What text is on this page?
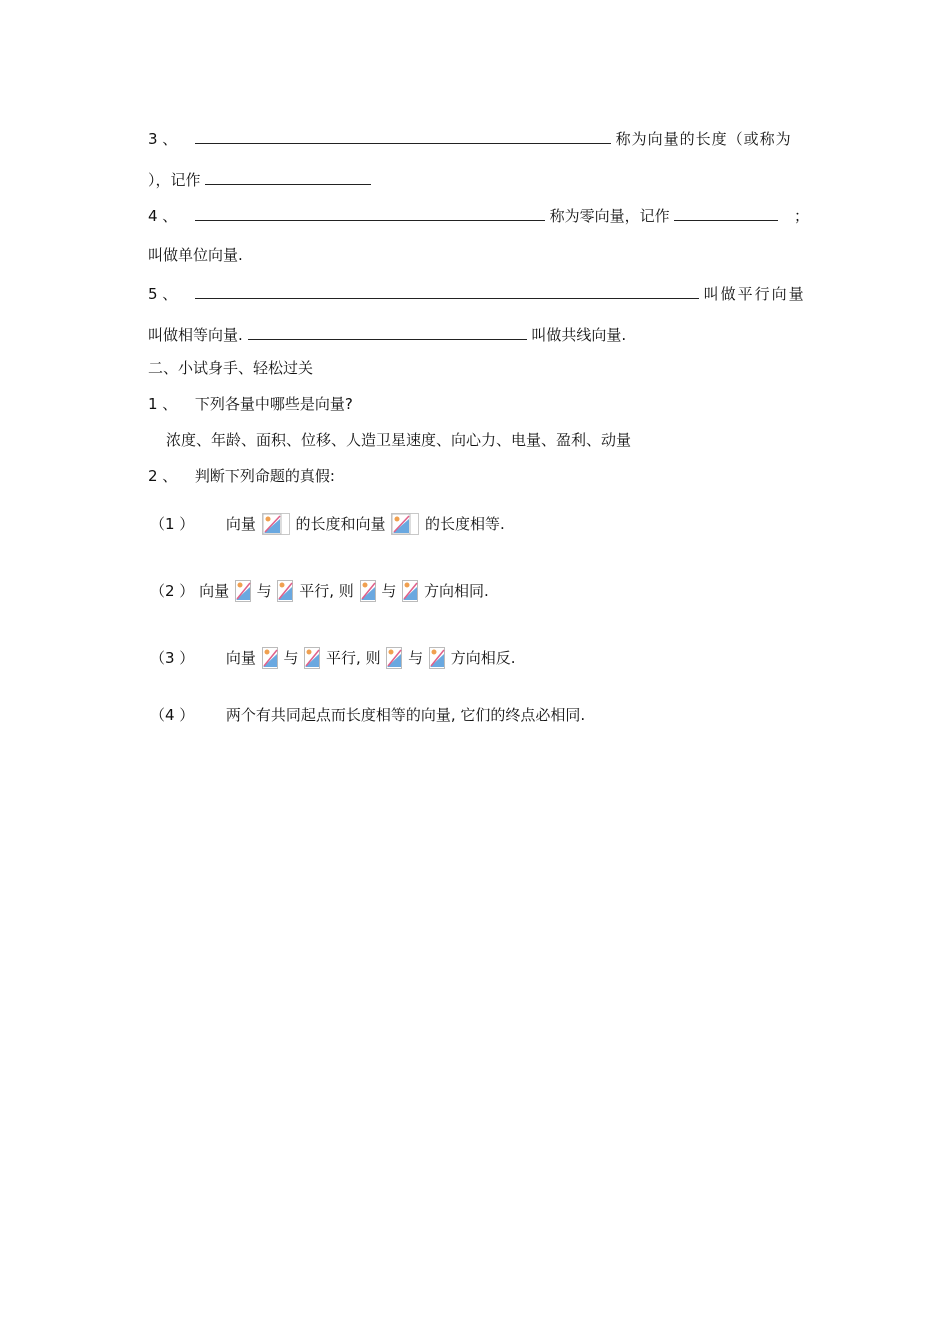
3 、	称为向量的长度（或称为
），记作
4 、	称为零向量，记作	；
叫做单位向量.
5 、	叫做平行向量
叫做相等向量.	叫做共线向量.
二、小试身手、轻松过关
1 、 下列各量中哪些是向量?
浓度、年龄、面积、位移、人造卫星速度、向心力、电量、盈利、动量
2 、 判断下列命题的真假:
（1 ） 向量	的长度和向量	的长度相等.
（2 ） 向量 与 平行, 则 与 方向相同.
（3 ） 向量 与 平行, 则 与 方向相反.
（4 ） 两个有共同起点而长度相等的向量, 它们的终点必相同.
